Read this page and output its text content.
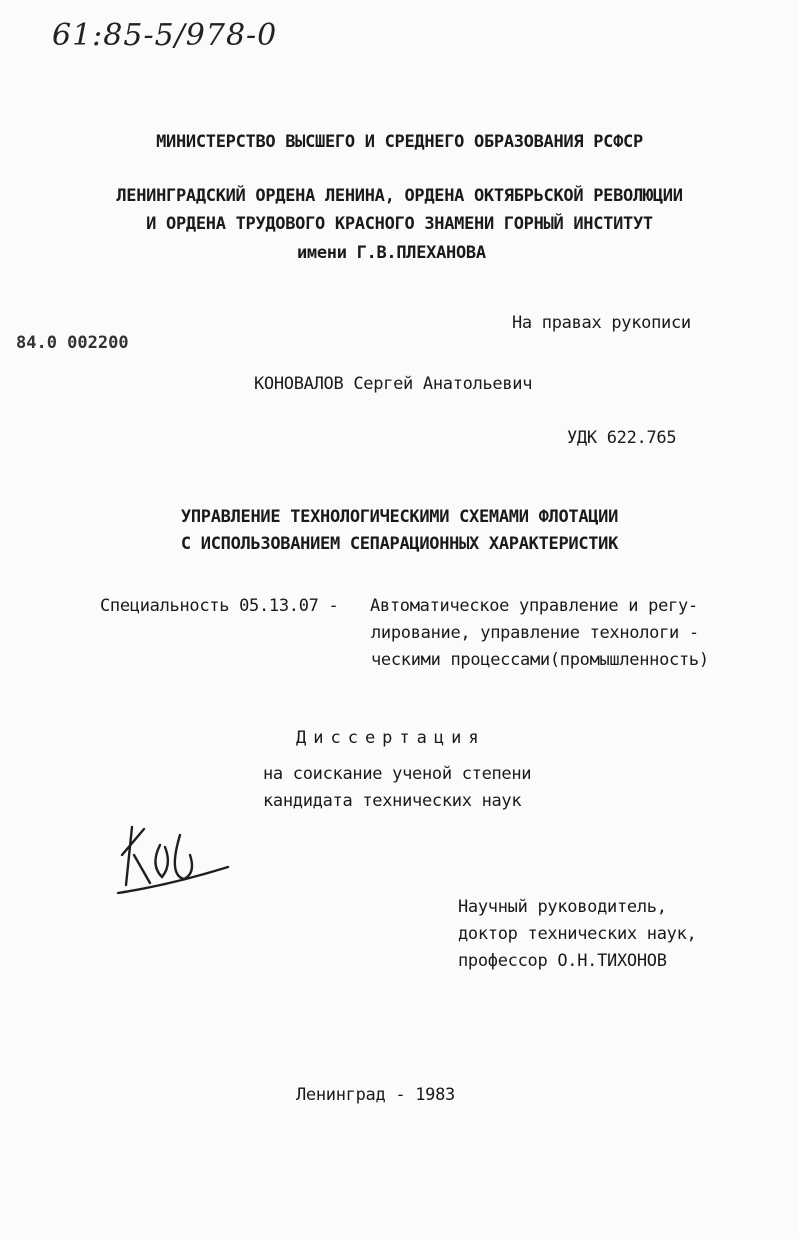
61:85-5/978-0
МИНИСТЕРСТВО ВЫСШЕГО И СРЕДНЕГО ОБРАЗОВАНИЯ РСФСР
ЛЕНИНГРАДСКИЙ ОРДЕНА ЛЕНИНА, ОРДЕНА ОКТЯБРЬСКОЙ РЕВОЛЮЦИИ
И ОРДЕНА ТРУДОВОГО КРАСНОГО ЗНАМЕНИ ГОРНЫЙ ИНСТИТУТ
имени Г.В.ПЛЕХАНОВА
На правах рукописи
84.0 002200
КОНОВАЛОВ Сергей Анатольевич
УДК 622.765
УПРАВЛЕНИЕ ТЕХНОЛОГИЧЕСКИМИ СХЕМАМИ ФЛОТАЦИИ
С ИСПОЛЬЗОВАНИЕМ СЕПАРАЦИОННЫХ ХАРАКТЕРИСТИК
Специальность 05.13.07 - Автоматическое управление и регу-
лирование, управление технологи -
ческими процессами(промышленность)
Диссертация
на соискание ученой степени
кандидата технических наук
Научный руководитель,
доктор технических наук,
профессор О.Н.ТИХОНОВ
Ленинград - 1983
